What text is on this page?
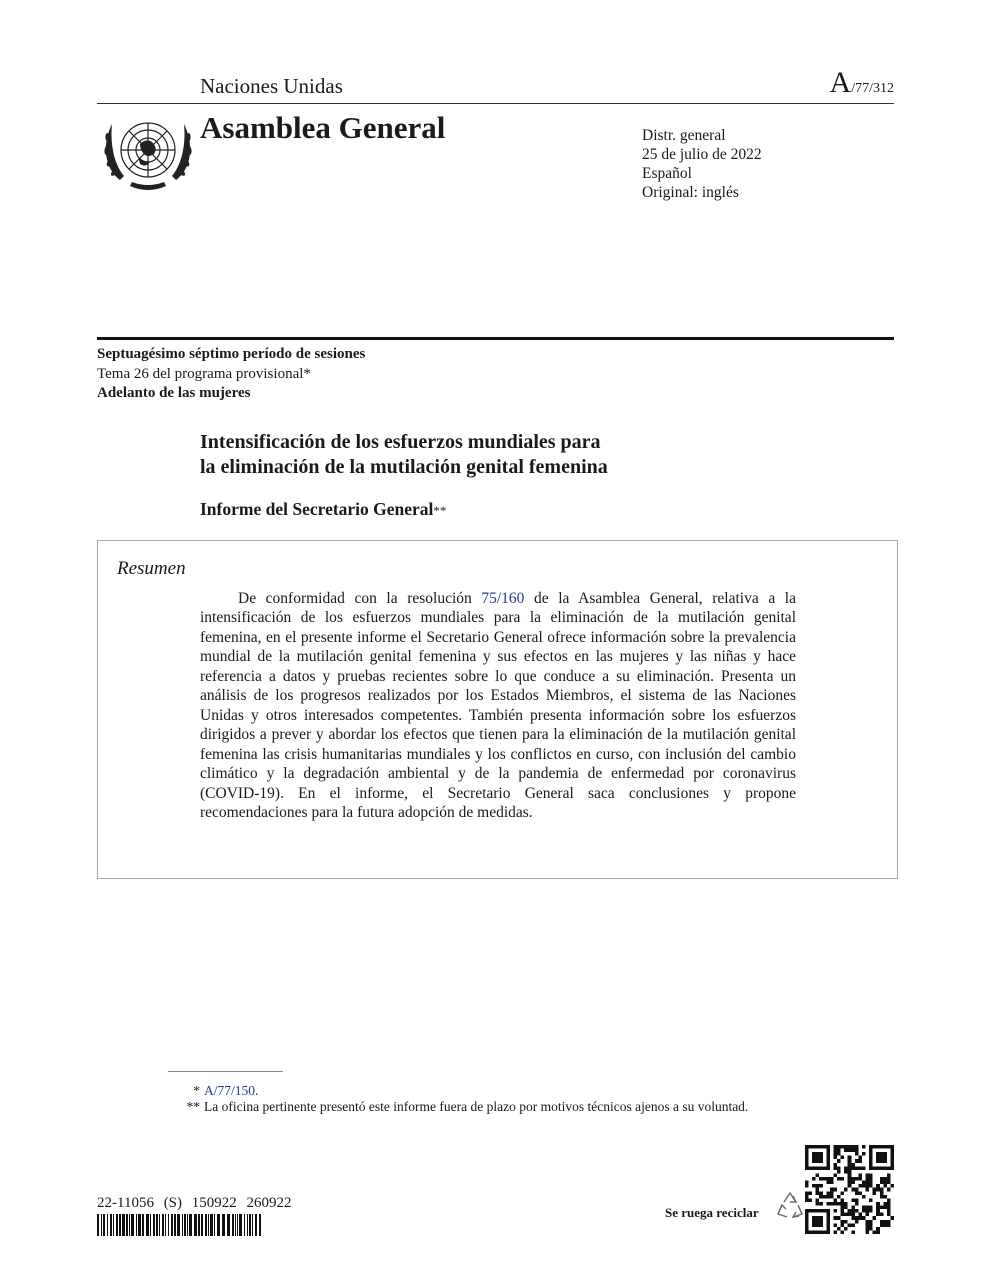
Naciones Unidas	A/77/312
Asamblea General	Distr. general
25 de julio de 2022
Español
Original: inglés
Septuagésimo séptimo período de sesiones
Tema 26 del programa provisional*
Adelanto de las mujeres
Intensificación de los esfuerzos mundiales para
la eliminación de la mutilación genital femenina
Informe del Secretario General**
Resumen
De conformidad con la resolución 75/160 de la Asamblea General, relativa a la intensificación de los esfuerzos mundiales para la eliminación de la mutilación genital femenina, en el presente informe el Secretario General ofrece información sobre la prevalencia mundial de la mutilación genital femenina y sus efectos en las mujeres y las niñas y hace referencia a datos y pruebas recientes sobre lo que conduce a su eliminación. Presenta un análisis de los progresos realizados por los Estados Miembros, el sistema de las Naciones Unidas y otros interesados competentes. También presenta información sobre los esfuerzos dirigidos a prever y abordar los efectos que tienen para la eliminación de la mutilación genital femenina las crisis humanitarias mundiales y los conflictos en curso, con inclusión del cambio climático y la degradación ambiental y de la pandemia de enfermedad por coronavirus (COVID-19). En el informe, el Secretario General saca conclusiones y propone recomendaciones para la futura adopción de medidas.
* A/77/150.
** La oficina pertinente presentó este informe fuera de plazo por motivos técnicos ajenos a su voluntad.
22-11056 (S) 150922 260922
Se ruega reciclar
